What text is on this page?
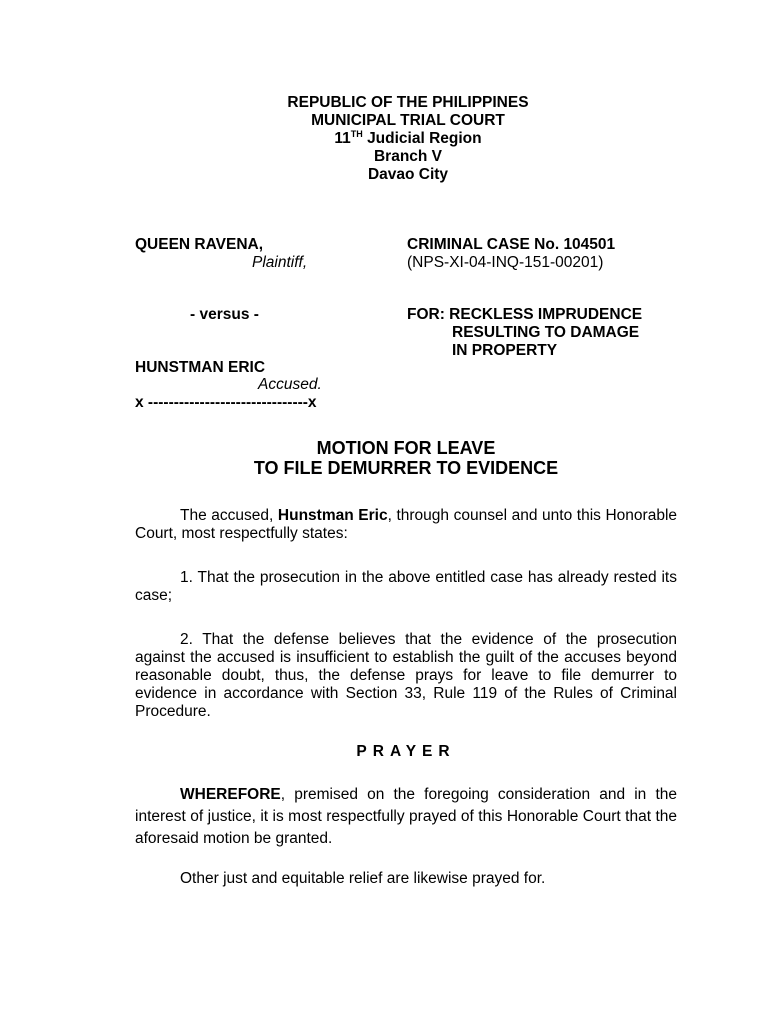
REPUBLIC OF THE PHILIPPINES
MUNICIPAL TRIAL COURT
11TH Judicial Region
Branch V
Davao City
QUEEN RAVENA,
Plaintiff,
CRIMINAL CASE No. 104501
(NPS-XI-04-INQ-151-00201)
- versus -	FOR: RECKLESS IMPRUDENCE
RESULTING TO DAMAGE
IN PROPERTY
HUNSTMAN ERIC
Accused.
x -------------------------------x
MOTION FOR LEAVE
TO FILE DEMURRER TO EVIDENCE
The accused, Hunstman Eric, through counsel and unto this Honorable Court, most respectfully states:
1. That the prosecution in the above entitled case has already rested its case;
2. That the defense believes that the evidence of the prosecution against the accused is insufficient to establish the guilt of the accuses beyond reasonable doubt, thus, the defense prays for leave to file demurrer to evidence in accordance with Section 33, Rule 119 of the Rules of Criminal Procedure.
PRAYER
WHEREFORE, premised on the foregoing consideration and in the interest of justice, it is most respectfully prayed of this Honorable Court that the aforesaid motion be granted.
Other just and equitable relief are likewise prayed for.
